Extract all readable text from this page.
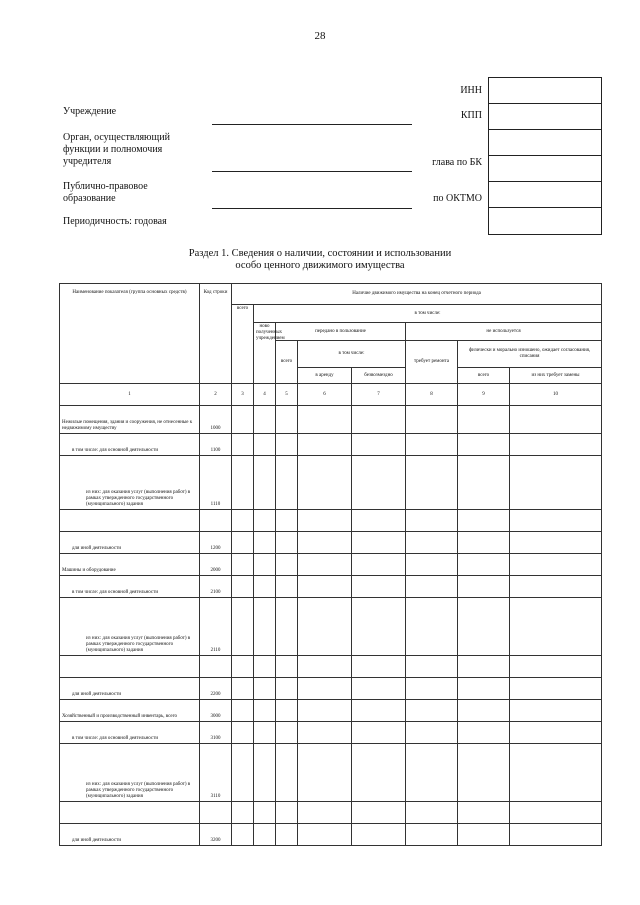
28
ИНН
КПП
глава по БК
по ОКТМО
Учреждение
Орган, осуществляющий
функции и полномочия
учредителя
Публично-правовое
образование
Периодичность: годовая
Раздел 1. Сведения о наличии, состоянии и использовании
особо ценного движимого имущества
Наименование показателя (группа основных средств)	Код строки	Наличие движимого имущества на конец отчетного периода							
		всего	в том числе:						
			ново полученных учреждением	передано в пользование			не используется		
				всего	в том числе:		требует ремонта	физически и морально изношено, ожидает согласования, списания	
					в аренду	безвозмездно		всего	из них требует замены
1	2	3	4	5	6	7	8	9	10
Нежилые помещения, здания и сооружения, не отнесенные к недвижимому имуществу	1000								
в том числе: для основной деятельности	1100								
из них: для оказания услуг (выполнения работ) в рамках утвержденного государственного (муниципального) задания	1110								

для иной деятельности	1200								
Машины и оборудование	2000								
в том числе: для основной деятельности	2100								
из них: для оказания услуг (выполнения работ) в рамках утвержденного государственного (муниципального) задания	2110								

для иной деятельности	2200								
Хозяйственный и производственный инвентарь, всего	3000								
в том числе: для основной деятельности	3100								
из них: для оказания услуг (выполнения работ) в рамках утвержденного государственного (муниципального) задания	3110								

для иной деятельности	3200								
